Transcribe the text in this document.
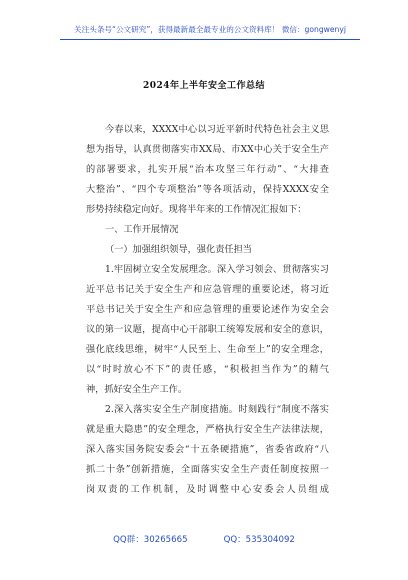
关注头条号“公文研究”，获得最新最全最专业的公文资料库！ 微信：gongwenyj
2024年上半年安全工作总结
今春以来，XXXX中心以习近平新时代特色社会主义思
想为指导，认真贯彻落实市XX局、市XX中心关于安全生产
的部署要求，扎实开展“治本攻坚三年行动”、“大排查
大整治”、“四个专项整治”等各项活动，保持XXXX安全
形势持续稳定向好。现将半年来的工作情况汇报如下：
一、工作开展情况
（一）加强组织领导，强化责任担当
1.牢固树立安全发展理念。深入学习领会、贯彻落实习
近平总书记关于安全生产和应急管理的重要论述，将习近
平总书记关于安全生产和应急管理的重要论述作为安全会
议的第一议题，提高中心干部职工统筹发展和安全的意识，
强化底线思维，树牢“人民至上、生命至上”的安全理念，
以“时时放心不下”的责任感，“积极担当作为”的精气
神，抓好安全生产工作。
2.深入落实安全生产制度措施。时刻践行“制度不落实
就是重大隐患”的安全理念，严格执行安全生产法律法规，
深入落实国务院安委会“十五条硬措施”，省委省政府“八
抓二十条”创新措施，全面落实安全生产责任制度按照一
岗双责的工作机制，及时调整中心安委会人员组成
QQ群：30265665	QQ：535304092
